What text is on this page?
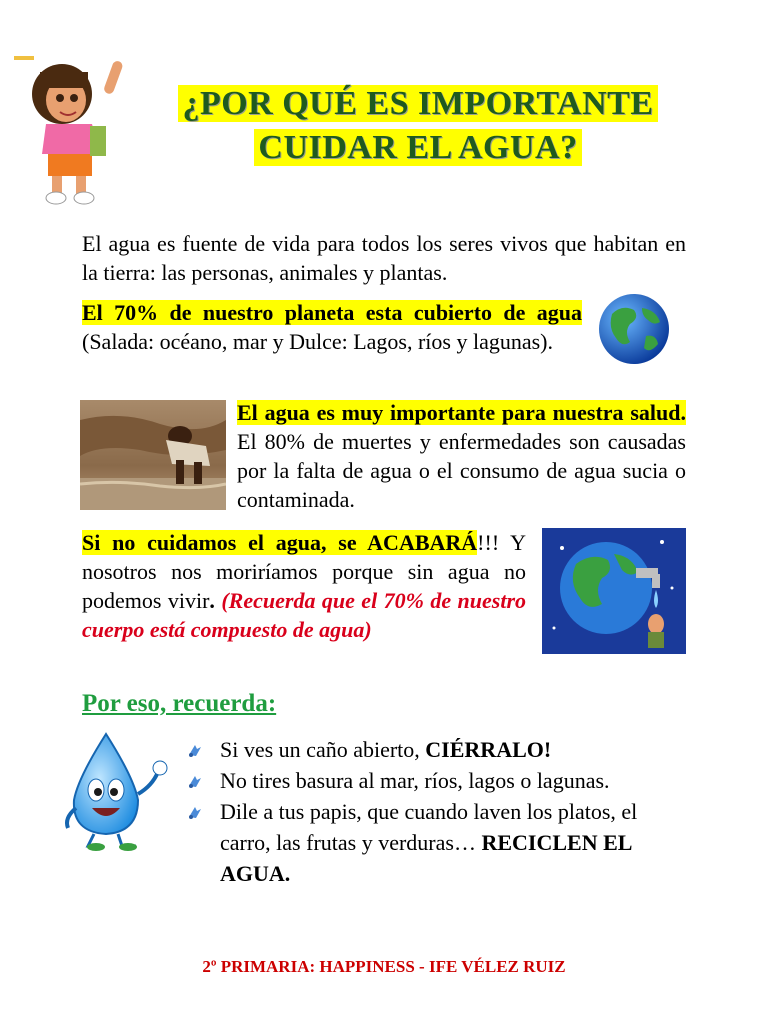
¿POR QUÉ ES IMPORTANTE
CUIDAR EL AGUA?
El agua es fuente de vida para todos los seres vivos que habitan en la tierra: las personas, animales y plantas.
El 70% de nuestro planeta esta cubierto de agua (Salada: océano, mar y Dulce: Lagos, ríos y lagunas).
El agua es muy importante para nuestra salud. El 80% de muertes y enfermedades son causadas por la falta de agua o el consumo de agua sucia o contaminada.
Si no cuidamos el agua, se ACABARÁ!!! Y nosotros nos moriríamos porque sin agua no podemos vivir. (Recuerda que el 70% de nuestro cuerpo está compuesto de agua)
Por eso, recuerda:
Si ves un caño abierto, CIÉRRALO!
No tires basura al mar, ríos, lagos o lagunas.
Dile a tus papis, que cuando laven los platos, el carro, las frutas y verduras… RECICLEN EL AGUA.
2º PRIMARIA: HAPPINESS - IFE VÉLEZ RUIZ
